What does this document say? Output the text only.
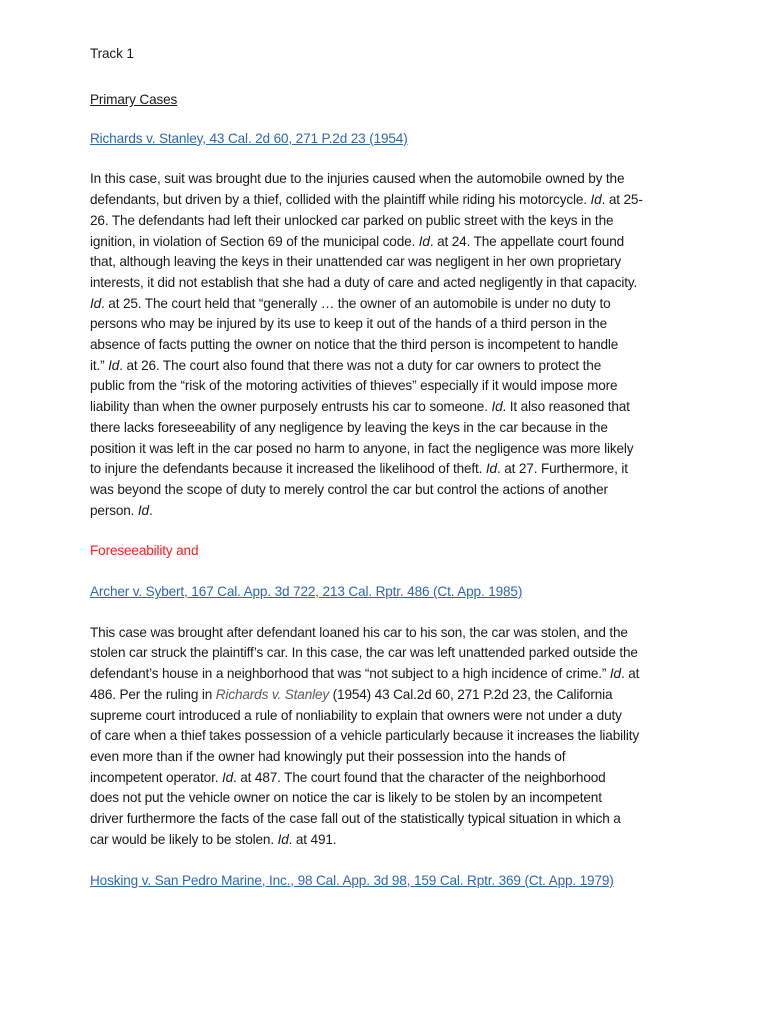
Track 1
Primary Cases
Richards v. Stanley, 43 Cal. 2d 60, 271 P.2d 23 (1954)
In this case, suit was brought due to the injuries caused when the automobile owned by the
defendants, but driven by a thief, collided with the plaintiff while riding his motorcycle. Id. at 25-
26. The defendants had left their unlocked car parked on public street with the keys in the
ignition, in violation of Section 69 of the municipal code. Id. at 24. The appellate court found
that, although leaving the keys in their unattended car was negligent in her own proprietary
interests, it did not establish that she had a duty of care and acted negligently in that capacity.
Id. at 25. The court held that “generally … the owner of an automobile is under no duty to
persons who may be injured by its use to keep it out of the hands of a third person in the
absence of facts putting the owner on notice that the third person is incompetent to handle
it.” Id. at 26. The court also found that there was not a duty for car owners to protect the
public from the “risk of the motoring activities of thieves” especially if it would impose more
liability than when the owner purposely entrusts his car to someone. Id. It also reasoned that
there lacks foreseeability of any negligence by leaving the keys in the car because in the
position it was left in the car posed no harm to anyone, in fact the negligence was more likely
to injure the defendants because it increased the likelihood of theft. Id. at 27. Furthermore, it
was beyond the scope of duty to merely control the car but control the actions of another
person. Id.
Foreseeability and
Archer v. Sybert, 167 Cal. App. 3d 722, 213 Cal. Rptr. 486 (Ct. App. 1985)
This case was brought after defendant loaned his car to his son, the car was stolen, and the
stolen car struck the plaintiff’s car. In this case, the car was left unattended parked outside the
defendant’s house in a neighborhood that was “not subject to a high incidence of crime.” Id. at
486. Per the ruling in Richards v. Stanley (1954) 43 Cal.2d 60, 271 P.2d 23, the California
supreme court introduced a rule of nonliability to explain that owners were not under a duty
of care when a thief takes possession of a vehicle particularly because it increases the liability
even more than if the owner had knowingly put their possession into the hands of
incompetent operator. Id. at 487. The court found that the character of the neighborhood
does not put the vehicle owner on notice the car is likely to be stolen by an incompetent
driver furthermore the facts of the case fall out of the statistically typical situation in which a
car would be likely to be stolen. Id. at 491.
Hosking v. San Pedro Marine, Inc., 98 Cal. App. 3d 98, 159 Cal. Rptr. 369 (Ct. App. 1979)
